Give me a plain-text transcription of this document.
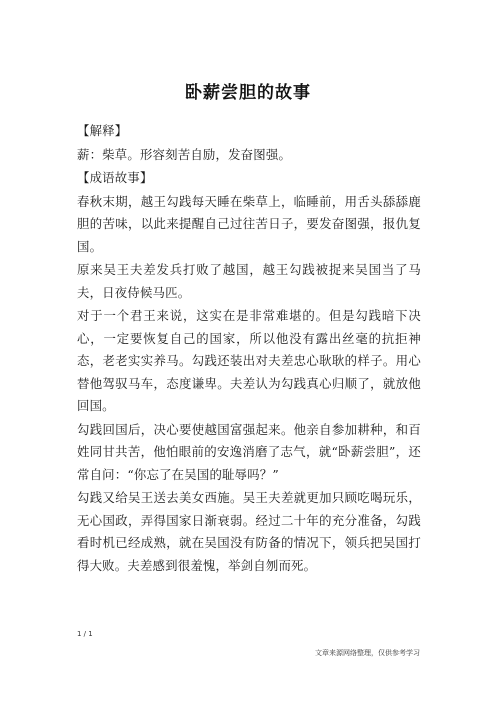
卧薪尝胆的故事

【解释】

薪：柴草。形容刻苦自励，发奋图强。

【成语故事】

春秋末期，越王勾践每天睡在柴草上，临睡前，用舌头舔舔鹿胆的苦味，以此来提醒自己过往苦日子，要发奋图强，报仇复国。

原来吴王夫差发兵打败了越国，越王勾践被捉来吴国当了马夫，日夜侍候马匹。

对于一个君王来说，这实在是非常难堪的。但是勾践暗下决心，一定要恢复自己的国家，所以他没有露出丝毫的抗拒神态，老老实实养马。勾践还装出对夫差忠心耿耿的样子。用心替他驾驭马车，态度谦卑。夫差认为勾践真心归顺了，就放他回国。

勾践回国后，决心要使越国富强起来。他亲自参加耕种，和百姓同甘共苦，他怕眼前的安逸消磨了志气，就“卧薪尝胆”，还常自问：“你忘了在吴国的耻辱吗？”

勾践又给吴王送去美女西施。吴王夫差就更加只顾吃喝玩乐，无心国政，弄得国家日渐衰弱。经过二十年的充分准备，勾践看时机已经成熟，就在吴国没有防备的情况下，领兵把吴国打得大败。夫差感到很羞愧，举剑自刎而死。

1 / 1
文章来源网络整理，仅供参考学习
